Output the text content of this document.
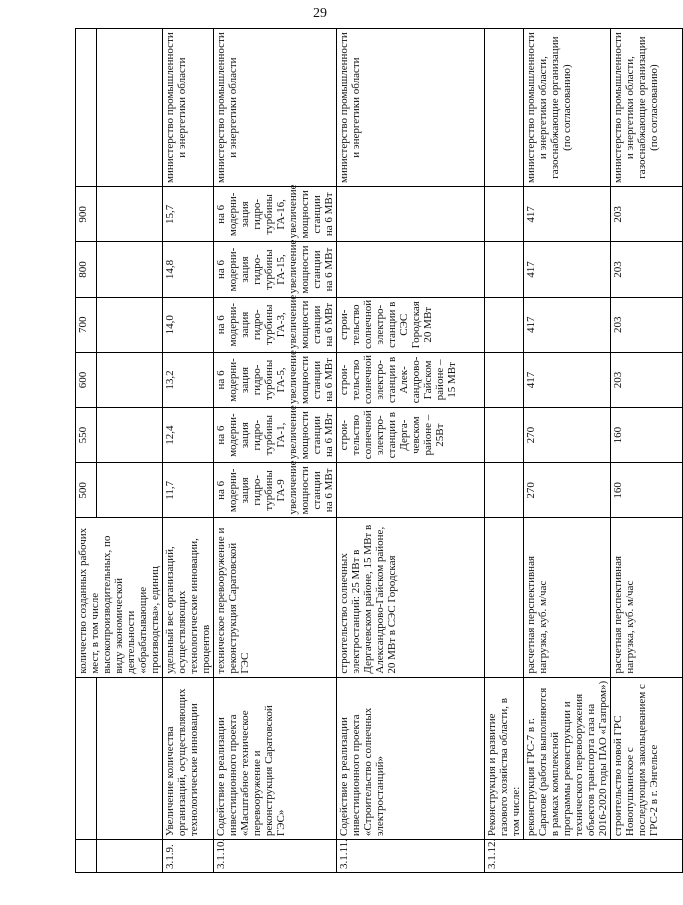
29
		количество созданных рабочих мест, в том числе высокопроизводительных, по виду экономической деятельности «обрабатывающие производства», единиц	500	550	600	700	800	900	

3.1.9.	Увеличение количества организаций, осуществляющих технологические инновации	удельный вес организаций, осуществляющих технологические инновации, процентов	11,7	12,4	13,2	14,0	14,8	15,7	министерство промышленности и энергетики области
3.1.10.	Содействие в реализации инвестиционного проекта «Масштабное техническое перевооружение и реконструкция Саратовской ГЭС»	техническое перевооружение и реконструкция Саратовской ГЭС	на 6 модерни-зация гидро-турбины ГА-9 увеличение мощности станции на 6 МВт	на 6 модерни-зация гидро-турбины ГА-1, увеличение мощности станции на 6 МВт	на 6 модерни-зация гидро-турбины ГА-5, увеличение мощности станции на 6 МВт	на 6 модерни-зация гидро-турбины ГА-3, увеличение мощности станции на 6 МВт	на 6 модерни-зация гидро-турбины ГА-15, увеличение мощности станции на 6 МВт	на 6 модерни-зация гидро-турбины ГА-16, увеличение мощности станции на 6 МВт	министерство промышленности и энергетики области
3.1.11.	Содействие в реализации инвестиционного проекта «Строительство солнечных электростанций»	строительство солнечных электростанций: 25 МВт в Дергачевском районе, 15 МВт в Александрово-Гайском районе, 20 МВт в СЭС Городская		строи-тельство солнечной электро-станции в Дерга-чевском районе – 25Вт	строи-тельство солнечной электро-станции в Алек-сандрово-Гайском районе – 15 МВт	строи-тельство солнечной электро-станции в СЭС Городская 20 МВт			министерство промышленности и энергетики области
3.1.12.	Реконструкция и развитие газового хозяйства области, в том числе:								
	реконструкция ГРС-7 в г. Саратове (работы выполняются в рамках комплексной программы реконструкции и технического перевооружения объектов транспорта газа на 2016-2020 годы ПАО «Газпром»)	расчетная перспективная нагрузка, куб. м/час	270	270	417	417	417	417	министерство промышленности и энергетики области, газоснабжающие организации (по согласованию)
	строительство новой ГРС Новопушкинское с последующим закольцеванием с ГРС-2 в г. Энгельсе	расчетная перспективная нагрузка, куб. м/час	160	160	203	203	203	203	министерство промышленности и энергетики области, газоснабжающие организации (по согласованию)
